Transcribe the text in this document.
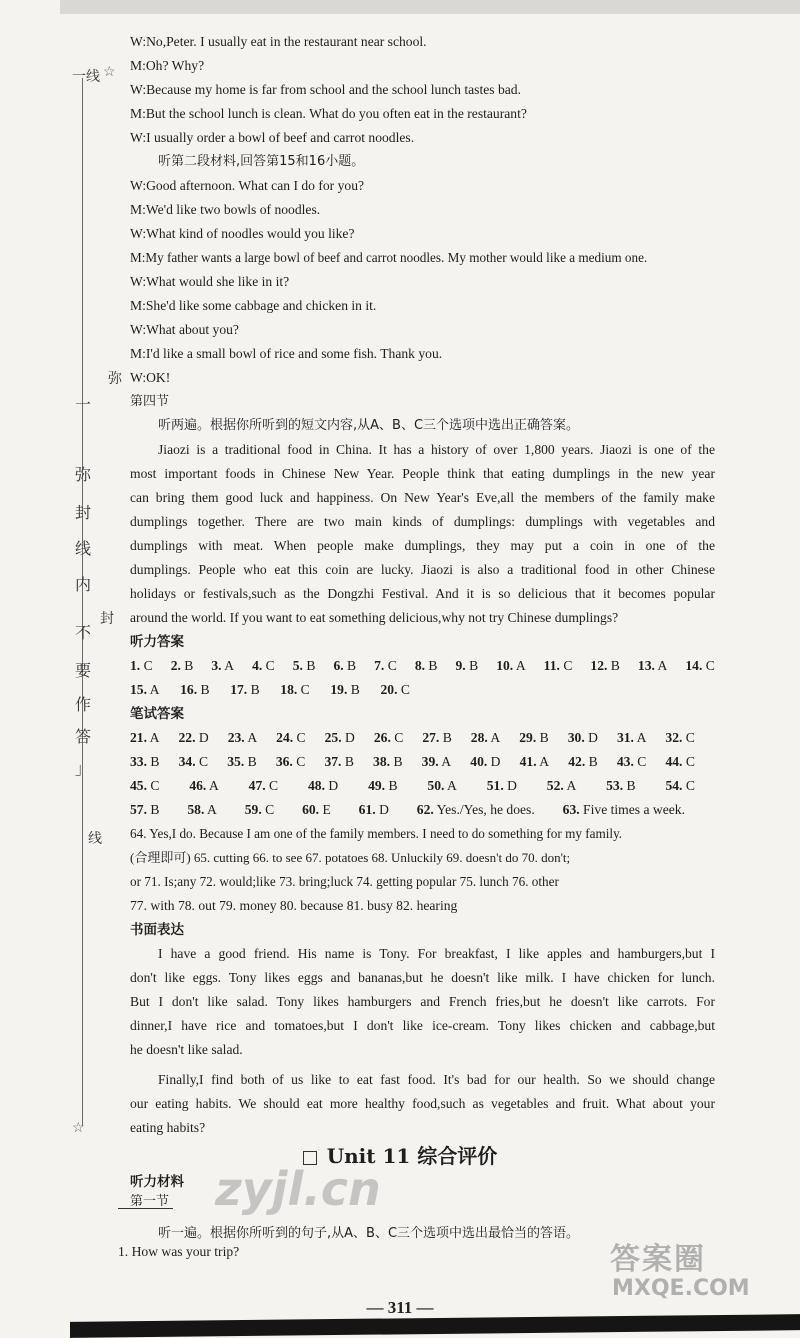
☆
一线
弥
封
线
☆
一
弥
封
线
内
不
要
作
答
」
W:No,Peter. I usually eat in the restaurant near school.
M:Oh? Why?
W:Because my home is far from school and the school lunch tastes bad.
M:But the school lunch is clean. What do you often eat in the restaurant?
W:I usually order a bowl of beef and carrot noodles.
听第二段材料,回答第15和16小题。
W:Good afternoon. What can I do for you?
M:We'd like two bowls of noodles.
W:What kind of noodles would you like?
M:My father wants a large bowl of beef and carrot noodles. My mother would like a medium one.
W:What would she like in it?
M:She'd like some cabbage and chicken in it.
W:What about you?
M:I'd like a small bowl of rice and some fish. Thank you.
W:OK!
第四节
听两遍。根据你所听到的短文内容,从A、B、C三个选项中选出正确答案。
Jiaozi is a traditional food in China. It has a history of over 1,800 years. Jiaozi is one of the
most important foods in Chinese New Year. People think that eating dumplings in the new year
can bring them good luck and happiness. On New Year's Eve,all the members of the family make
dumplings together. There are two main kinds of dumplings: dumplings with vegetables and
dumplings with meat. When people make dumplings, they may put a coin in one of the
dumplings. People who eat this coin are lucky. Jiaozi is also a traditional food in other Chinese
holidays or festivals,such as the Dongzhi Festival. And it is so delicious that it becomes popular
around the world. If you want to eat something delicious,why not try Chinese dumplings?
听力答案
1. C 2. B 3. A 4. C 5. B 6. B 7. C 8. B 9. B 10. A 11. C 12. B 13. A 14. C
15. A 16. B 17. B 18. C 19. B 20. C
笔试答案
21. A 22. D 23. A 24. C 25. D 26. C 27. B 28. A 29. B 30. D 31. A 32. C
33. B 34. C 35. B 36. C 37. B 38. B 39. A 40. D 41. A 42. B 43. C 44. C
45. C 46. A 47. C 48. D 49. B 50. A 51. D 52. A 53. B 54. C
57. B 58. A 59. C 60. E 61. D 62. Yes./Yes, he does. 63. Five times a week.
64. Yes,I do. Because I am one of the family members. I need to do something for my family.
(合理即可) 65. cutting 66. to see 67. potatoes 68. Unluckily 69. doesn't do 70. don't;
or 71. Is;any 72. would;like 73. bring;luck 74. getting popular 75. lunch 76. other
77. with 78. out 79. money 80. because 81. busy 82. hearing
书面表达
I have a good friend. His name is Tony. For breakfast, I like apples and hamburgers,but I
don't like eggs. Tony likes eggs and bananas,but he doesn't like milk. I have chicken for lunch.
But I don't like salad. Tony likes hamburgers and French fries,but he doesn't like carrots. For
dinner,I have rice and tomatoes,but I don't like ice-cream. Tony likes chicken and cabbage,but
he doesn't like salad.
Finally,I find both of us like to eat fast food. It's bad for our health. So we should change
our eating habits. We should eat more healthy food,such as vegetables and fruit. What about your
eating habits?
Unit 11 综合评价
听力材料
第一节
听一遍。根据你所听到的句子,从A、B、C三个选项中选出最恰当的答语。
1. How was your trip?
— 311 —
zyjl.cn
答案圈
MXQE.COM
